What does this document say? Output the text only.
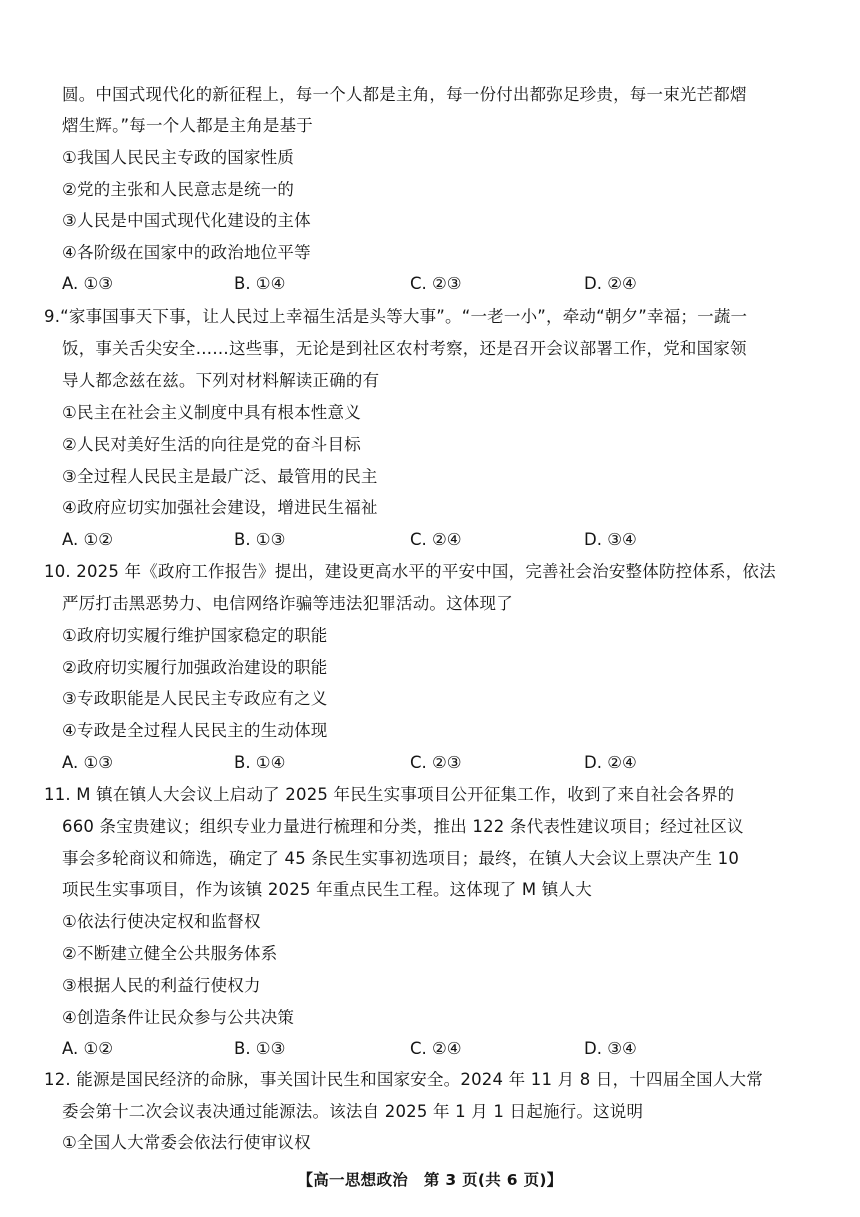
圆。中国式现代化的新征程上，每一个人都是主角，每一份付出都弥足珍贵，每一束光芒都熠
熠生辉。”每一个人都是主角是基于
①我国人民民主专政的国家性质
②党的主张和人民意志是统一的
③人民是中国式现代化建设的主体
④各阶级在国家中的政治地位平等
A. ①③	B. ①④	C. ②③	D. ②④
9.“家事国事天下事，让人民过上幸福生活是头等大事”。“一老一小”，牵动“朝夕”幸福；一蔬一
饭，事关舌尖安全……这些事，无论是到社区农村考察，还是召开会议部署工作，党和国家领
导人都念兹在兹。下列对材料解读正确的有
①民主在社会主义制度中具有根本性意义
②人民对美好生活的向往是党的奋斗目标
③全过程人民民主是最广泛、最管用的民主
④政府应切实加强社会建设，增进民生福祉
A. ①②	B. ①③	C. ②④	D. ③④
10. 2025 年《政府工作报告》提出，建设更高水平的平安中国，完善社会治安整体防控体系，依法
严厉打击黑恶势力、电信网络诈骗等违法犯罪活动。这体现了
①政府切实履行维护国家稳定的职能
②政府切实履行加强政治建设的职能
③专政职能是人民民主专政应有之义
④专政是全过程人民民主的生动体现
A. ①③	B. ①④	C. ②③	D. ②④
11. M 镇在镇人大会议上启动了 2025 年民生实事项目公开征集工作，收到了来自社会各界的
660 条宝贵建议；组织专业力量进行梳理和分类，推出 122 条代表性建议项目；经过社区议
事会多轮商议和筛选，确定了 45 条民生实事初选项目；最终，在镇人大会议上票决产生 10
项民生实事项目，作为该镇 2025 年重点民生工程。这体现了 M 镇人大
①依法行使决定权和监督权
②不断建立健全公共服务体系
③根据人民的利益行使权力
④创造条件让民众参与公共决策
A. ①②	B. ①③	C. ②④	D. ③④
12. 能源是国民经济的命脉，事关国计民生和国家安全。2024 年 11 月 8 日，十四届全国人大常
委会第十二次会议表决通过能源法。该法自 2025 年 1 月 1 日起施行。这说明
①全国人大常委会依法行使审议权
【高一思想政治　第 3 页(共 6 页)】
